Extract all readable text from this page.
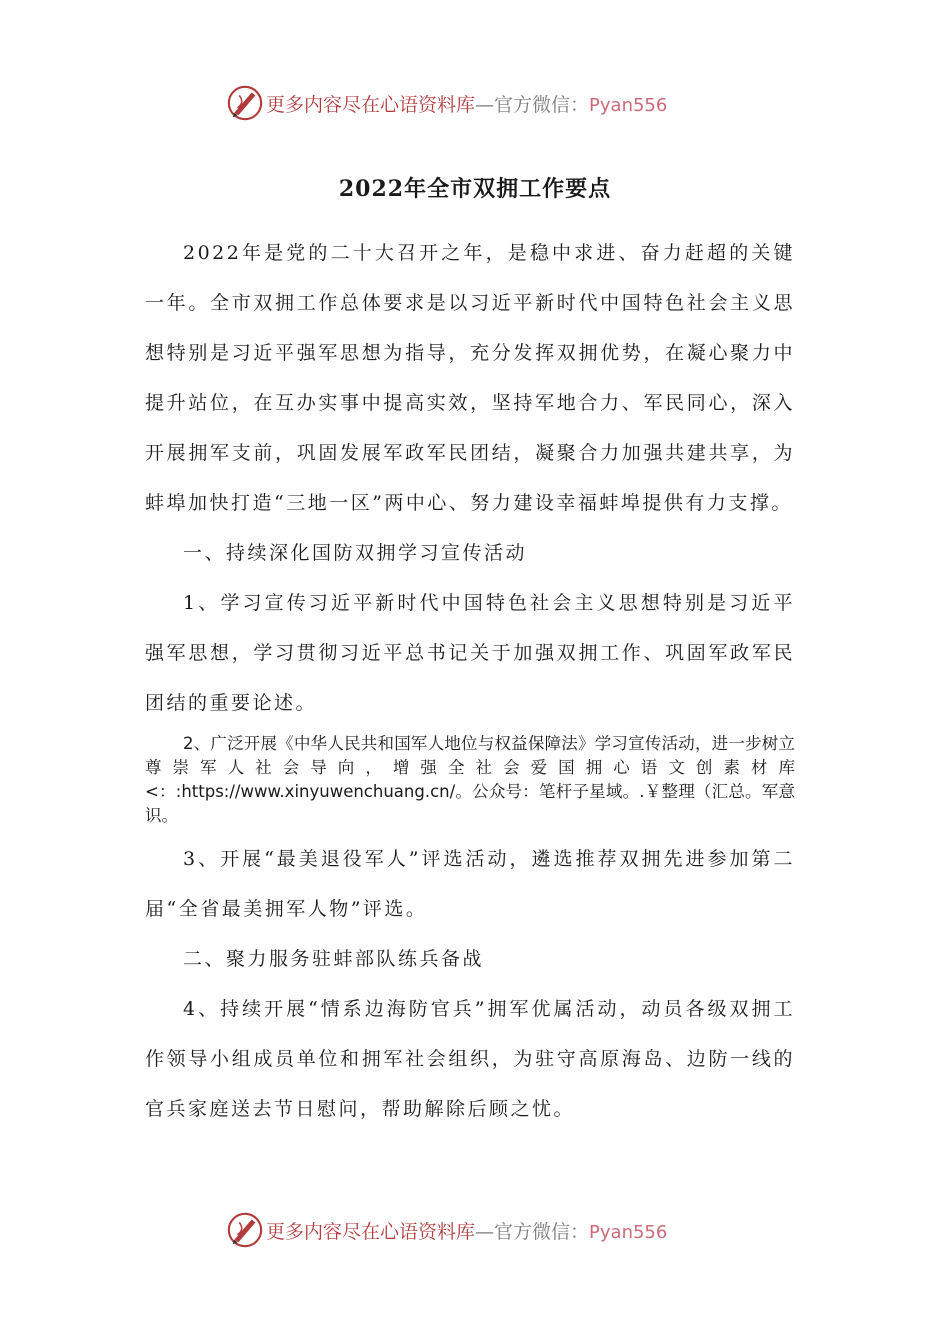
更多内容尽在心语资料库—官方微信：Pyan556
2022年全市双拥工作要点

2022年是党的二十大召开之年，是稳中求进、奋力赶超的关键一年。全市双拥工作总体要求是以习近平新时代中国特色社会主义思想特别是习近平强军思想为指导，充分发挥双拥优势，在凝心聚力中提升站位，在互办实事中提高实效，坚持军地合力、军民同心，深入开展拥军支前，巩固发展军政军民团结，凝聚合力加强共建共享，为蚌埠加快打造“三地一区”两中心、努力建设幸福蚌埠提供有力支撑。

一、持续深化国防双拥学习宣传活动

1、学习宣传习近平新时代中国特色社会主义思想特别是习近平强军思想，学习贯彻习近平总书记关于加强双拥工作、巩固军政军民团结的重要论述。

2、广泛开展《中华人民共和国军人地位与权益保障法》学习宣传活动，进一步树立尊崇军人社会导向，增强全社会爱国拥心语文创素材库<：:https://www.xinyuwenchuang.cn/。公众号：笔杆子星域。.￥整理（汇总。军意识。

3、开展“最美退役军人”评选活动，遴选推荐双拥先进参加第二届“全省最美拥军人物”评选。

二、聚力服务驻蚌部队练兵备战

4、持续开展“情系边海防官兵”拥军优属活动，动员各级双拥工作领导小组成员单位和拥军社会组织，为驻守高原海岛、边防一线的官兵家庭送去节日慰问，帮助解除后顾之忧。

更多内容尽在心语资料库—官方微信：Pyan556
